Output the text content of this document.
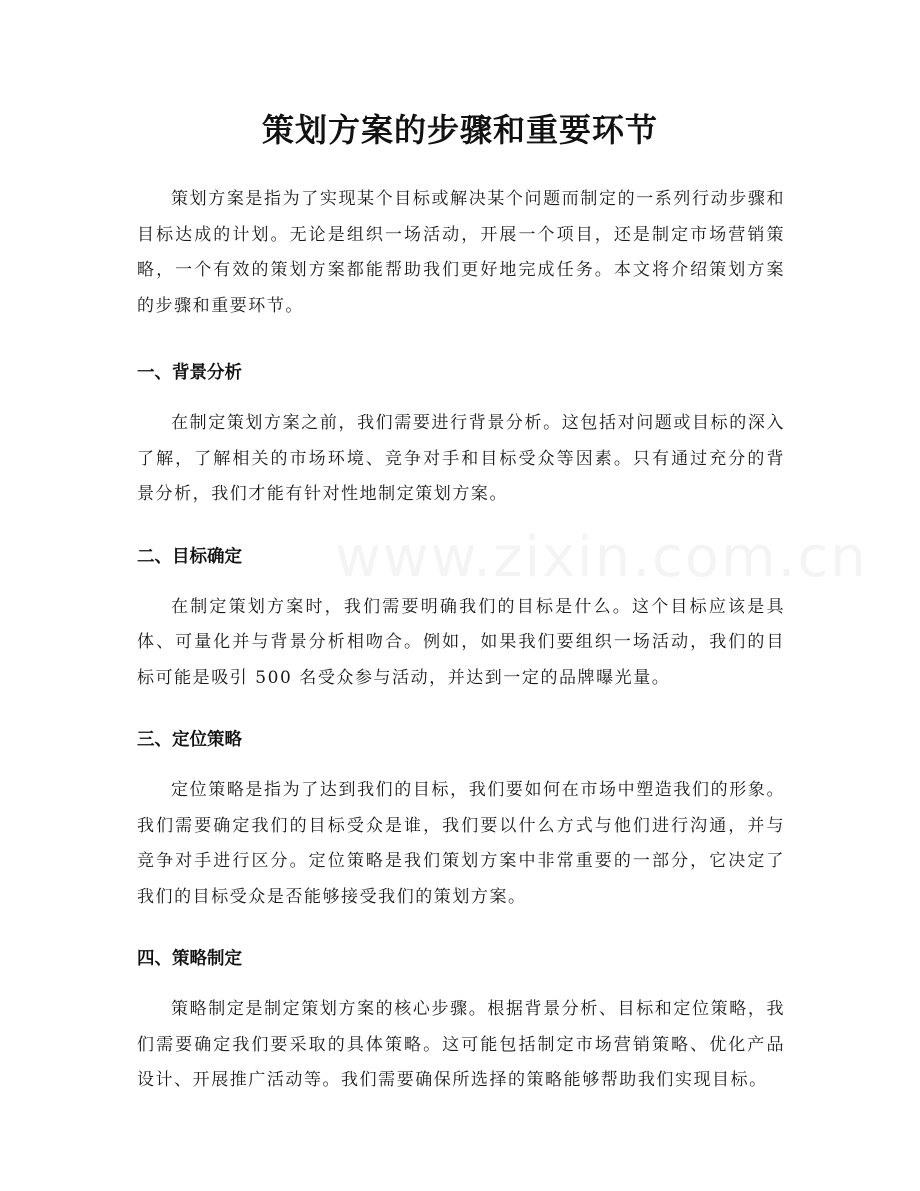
策划方案的步骤和重要环节

策划方案是指为了实现某个目标或解决某个问题而制定的一系列行动步骤和目标达成的计划。无论是组织一场活动，开展一个项目，还是制定市场营销策略，一个有效的策划方案都能帮助我们更好地完成任务。本文将介绍策划方案的步骤和重要环节。

一、背景分析

在制定策划方案之前，我们需要进行背景分析。这包括对问题或目标的深入了解，了解相关的市场环境、竞争对手和目标受众等因素。只有通过充分的背景分析，我们才能有针对性地制定策划方案。

二、目标确定

在制定策划方案时，我们需要明确我们的目标是什么。这个目标应该是具体、可量化并与背景分析相吻合。例如，如果我们要组织一场活动，我们的目标可能是吸引 500 名受众参与活动，并达到一定的品牌曝光量。

三、定位策略

定位策略是指为了达到我们的目标，我们要如何在市场中塑造我们的形象。我们需要确定我们的目标受众是谁，我们要以什么方式与他们进行沟通，并与竞争对手进行区分。定位策略是我们策划方案中非常重要的一部分，它决定了我们的目标受众是否能够接受我们的策划方案。

四、策略制定

策略制定是制定策划方案的核心步骤。根据背景分析、目标和定位策略，我们需要确定我们要采取的具体策略。这可能包括制定市场营销策略、优化产品设计、开展推广活动等。我们需要确保所选择的策略能够帮助我们实现目标。
